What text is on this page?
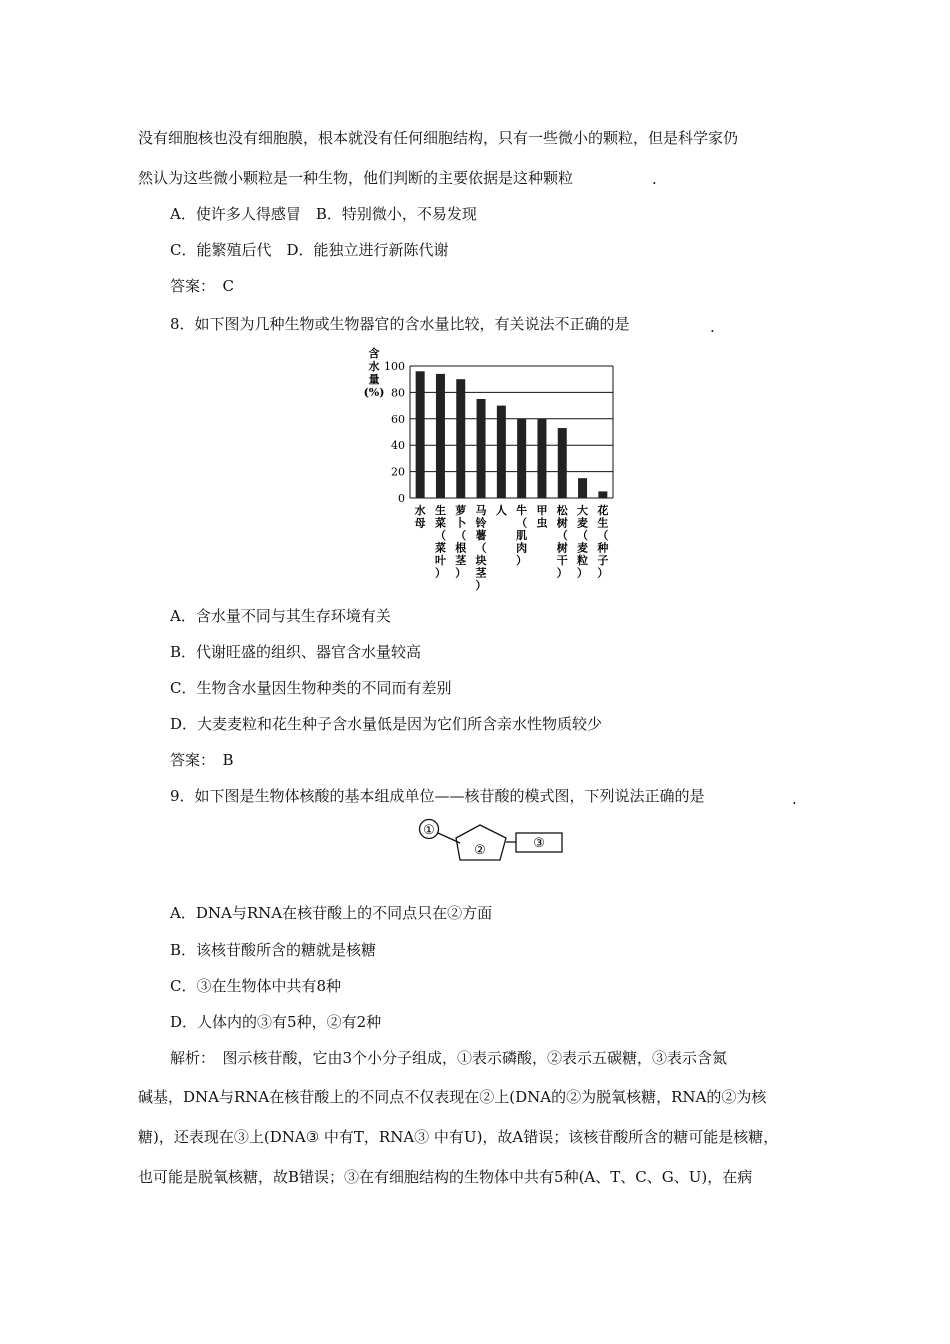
没有细胞核也没有细胞膜，根本就没有任何细胞结构，只有一些微小的颗粒，但是科学家仍
然认为这些微小颗粒是一种生物，他们判断的主要依据是这种颗粒	.
A．使许多人得感冒　B．特别微小，不易发现
C．能繁殖后代　D．能独立进行新陈代谢
答案：　C
8．如下图为几种生物或生物器官的含水量比较，有关说法不正确的是	.
含
水
量
(%)
0
20
40
60
80
100
水
母
生
菜
（
菜
叶
）
萝
卜
（
根
茎
）
马
铃
薯
（
块
茎
）
人 牛
（
肌
肉
）
甲
虫
松
树
（
树
干
）
大
麦
（
麦
粒
）
花
生
（
种
子
）
A．含水量不同与其生存环境有关
B．代谢旺盛的组织、器官含水量较高
C．生物含水量因生物种类的不同而有差别
D．大麦麦粒和花生种子含水量低是因为它们所含亲水性物质较少
答案：　B
9．如下图是生物体核酸的基本组成单位——核苷酸的模式图，下列说法正确的是	.
①
②	③
A．DNA与RNA在核苷酸上的不同点只在②方面
B．该核苷酸所含的糖就是核糖
C．③在生物体中共有8种
D．人体内的③有5种，②有2种
解析：　图示核苷酸，它由3个小分子组成，①表示磷酸，②表示五碳糖，③表示含氮
碱基，DNA与RNA在核苷酸上的不同点不仅表现在②上(DNA的②为脱氧核糖，RNA的②为核
糖)，还表现在③上(DNA③ 中有T，RNA③ 中有U)，故A错误；该核苷酸所含的糖可能是核糖，
也可能是脱氧核糖，故B错误；③在有细胞结构的生物体中共有5种(A、T、C、G、U)，在病
